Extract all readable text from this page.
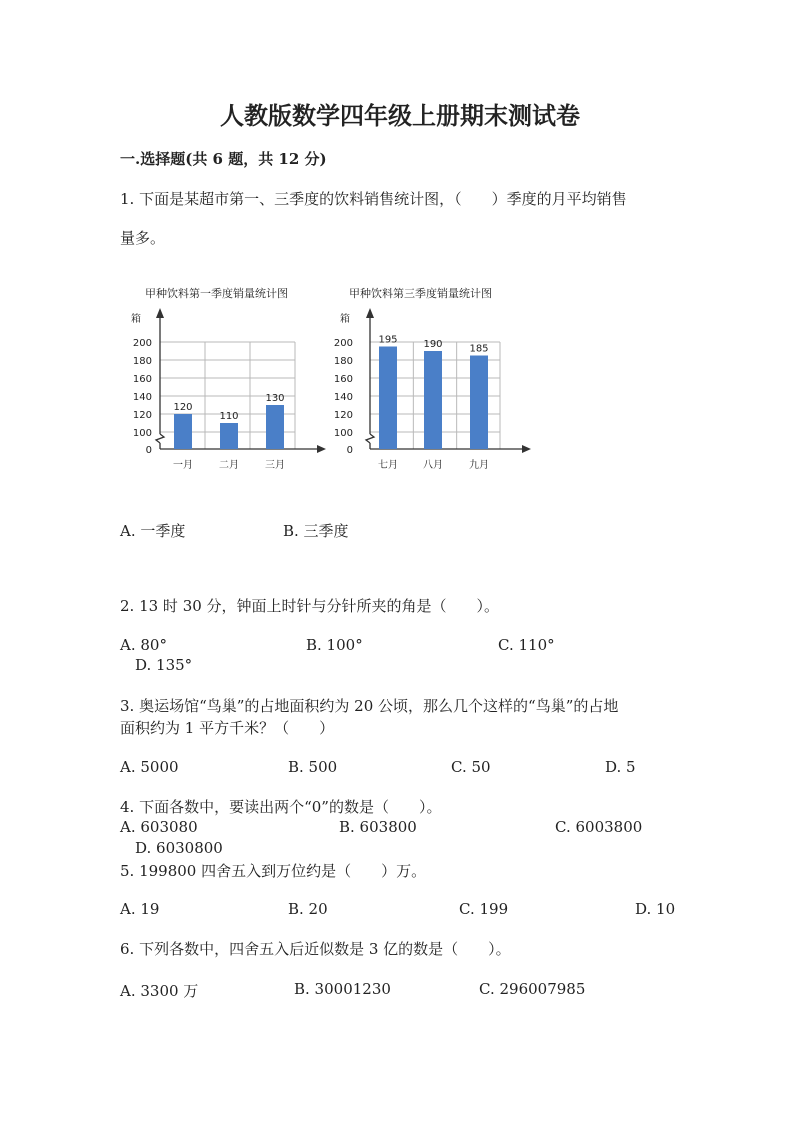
人教版数学四年级上册期末测试卷
一.选择题(共 6 题，共 12 分)
1. 下面是某超市第一、三季度的饮料销售统计图，（　　）季度的月平均销售
量多。
甲种饮料第一季度销量统计图
箱
0
100
120
140
160
180
200
120
一月
110
二月
130
三月
甲种饮料第三季度销量统计图
箱
0
100
120
140
160
180
200	195
七月
190
八月
185
九月
A. 一季度	B. 三季度
2. 13 时 30 分，钟面上时针与分针所夹的角是（　　）。
A. 80°	B. 100°	C. 110°
D. 135°
3. 奥运场馆“鸟巢”的占地面积约为 20 公顷，那么几个这样的“鸟巢”的占地
面积约为 1 平方千米？（　　）
A. 5000	B. 500	C. 50	D. 5
4. 下面各数中，要读出两个“0”的数是（　　）。
A. 603080	B. 603800	C. 6003800
D. 6030800
5. 199800 四舍五入到万位约是（　　）万。
A. 19	B. 20	C. 199	D. 10
6. 下列各数中，四舍五入后近似数是 3 亿的数是（　　）。
A. 3300 万	B. 30001230	C. 296007985
